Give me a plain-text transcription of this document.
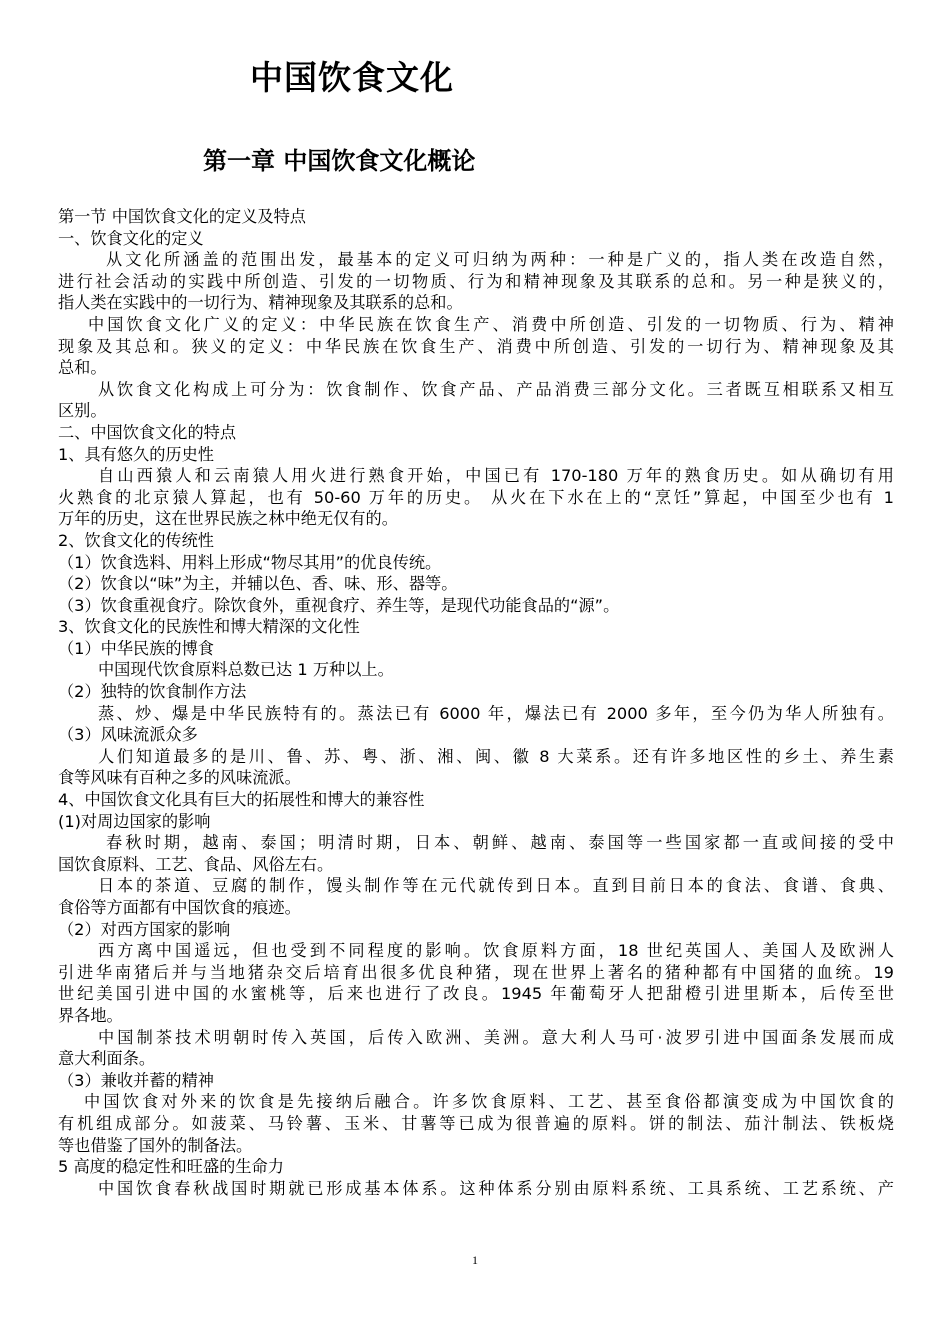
中国饮食文化
第一章 中国饮食文化概论

第一节 中国饮食文化的定义及特点

一、饮食文化的定义

从文化所涵盖的范围出发，最基本的定义可归纳为两种：一种是广义的，指人类在改造自然，

进行社会活动的实践中所创造、引发的一切物质、行为和精神现象及其联系的总和。另一种是狭义的，

指人类在实践中的一切行为、精神现象及其联系的总和。

中国饮食文化广义的定义：中华民族在饮食生产、消费中所创造、引发的一切物质、行为、精神

现象及其总和。狭义的定义：中华民族在饮食生产、消费中所创造、引发的一切行为、精神现象及其

总和。

从饮食文化构成上可分为：饮食制作、饮食产品、产品消费三部分文化。三者既互相联系又相互

区别。

二、中国饮食文化的特点

1、具有悠久的历史性

自山西猿人和云南猿人用火进行熟食开始，中国已有 170-180 万年的熟食历史。如从确切有用

火熟食的北京猿人算起，也有 50-60 万年的历史。 从火在下水在上的“烹饪”算起，中国至少也有 1

万年的历史，这在世界民族之林中绝无仅有的。

2、饮食文化的传统性

（1）饮食选料、用料上形成“物尽其用”的优良传统。

（2）饮食以“味”为主，并辅以色、香、味、形、器等。

（3）饮食重视食疗。除饮食外，重视食疗、养生等，是现代功能食品的“源”。

3、饮食文化的民族性和博大精深的文化性

（1）中华民族的博食

中国现代饮食原料总数已达 1 万种以上。

（2）独特的饮食制作方法

蒸、炒、爆是中华民族特有的。蒸法已有 6000 年，爆法已有 2000 多年，至今仍为华人所独有。

（3）风味流派众多

人们知道最多的是川、鲁、苏、粤、浙、湘、闽、徽 8 大菜系。还有许多地区性的乡土、养生素

食等风味有百种之多的风味流派。

4、中国饮食文化具有巨大的拓展性和博大的兼容性

(1)对周边国家的影响

春秋时期，越南、泰国；明清时期，日本、朝鲜、越南、泰国等一些国家都一直或间接的受中

国饮食原料、工艺、食品、风俗左右。

日本的茶道、豆腐的制作，馒头制作等在元代就传到日本。直到目前日本的食法、食谱、食典、

食俗等方面都有中国饮食的痕迹。

（2）对西方国家的影响

西方离中国遥远，但也受到不同程度的影响。饮食原料方面，18 世纪英国人、美国人及欧洲人

引进华南猪后并与当地猪杂交后培育出很多优良种猪，现在世界上著名的猪种都有中国猪的血统。19

世纪美国引进中国的水蜜桃等，后来也进行了改良。1945 年葡萄牙人把甜橙引进里斯本，后传至世

界各地。

中国制茶技术明朝时传入英国，后传入欧洲、美洲。意大利人马可·波罗引进中国面条发展而成

意大利面条。

（3）兼收并蓄的精神

中国饮食对外来的饮食是先接纳后融合。许多饮食原料、工艺、甚至食俗都演变成为中国饮食的

有机组成部分。如菠菜、马铃薯、玉米、甘薯等已成为很普遍的原料。饼的制法、茄汁制法、铁板烧

等也借鉴了国外的制备法。

5 高度的稳定性和旺盛的生命力

中国饮食春秋战国时期就已形成基本体系。这种体系分别由原料系统、工具系统、工艺系统、产

1
